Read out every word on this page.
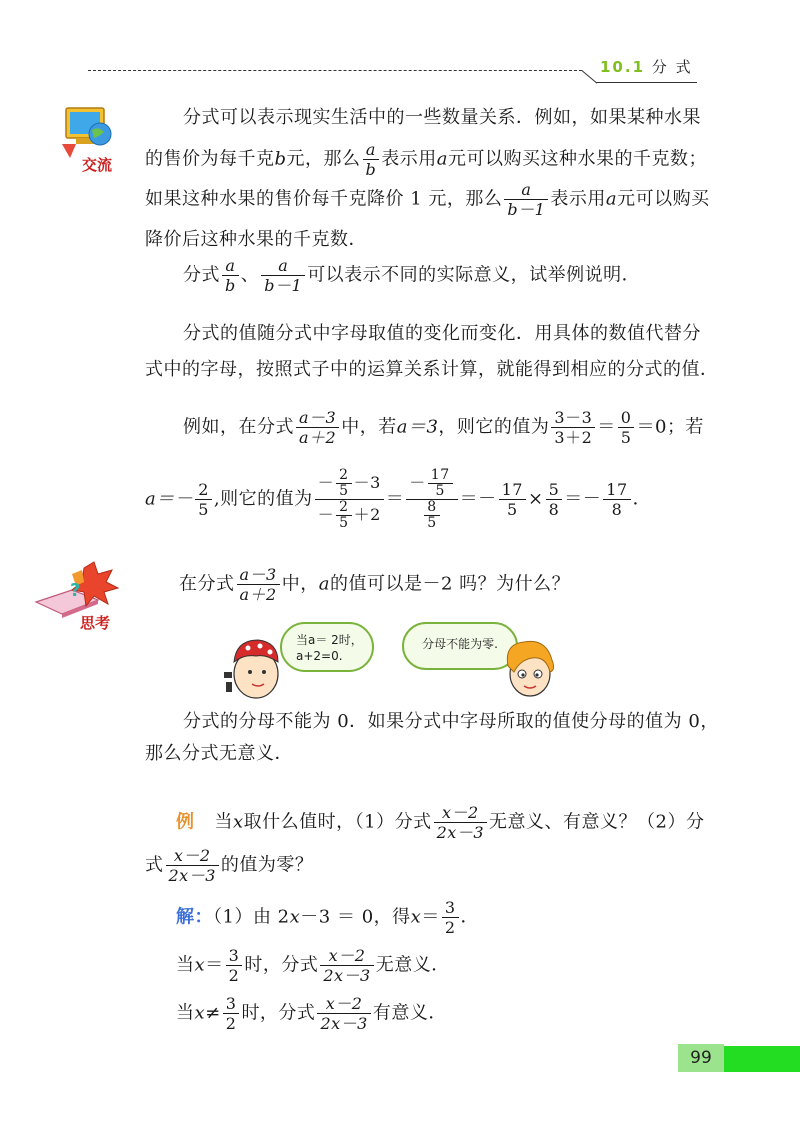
10.1 分 式
交流
分式可以表示现实生活中的一些数量关系．例如，如果某种水果
的售价为每千克b元，那么 $\frac{a}{b}$ 表示用a元可以购买这种水果的千克数；
如果这种水果的售价每千克降价 1 元，那么 $\frac{a}{b-1}$ 表示用a元可以购买
降价后这种水果的千克数．
分式 $\frac{a}{b}$ 、 $\frac{a}{b-1}$ 可以表示不同的实际意义，试举例说明．
分式的值随分式中字母取值的变化而变化．用具体的数值代替分
式中的字母，按照式子中的运算关系计算，就能得到相应的分式的值．
例如，在分式 $\frac{a-3}{a+2}$ 中，若a＝3，则它的值为 $\frac{3-3}{3+2} = \frac{0}{5} =0$；若
$a=- \frac{2}{5}$ ,则它的值为 $\frac{- \frac{2}{5} -3}{- \frac{2}{5} +2} = \frac{- \frac{17}{5}}{\frac{8}{5}} =- \frac{17}{5} \times \frac{5}{8} =- \frac{17}{8}$ ．
?
思考
在分式 $\frac{a-3}{a+2}$ 中，a的值可以是－2 吗？为什么？
当a＝ 2时，
a+2=0.
分母不能为零.
分式的分母不能为 0．如果分式中字母所取的值使分母的值为 0，
那么分式无意义．
例 当x取什么值时，（1）分式 $\frac{x-2}{2x-3}$ 无意义、有意义？（2）分
式 $\frac{x-2}{2x-3}$ 的值为零？
解：（1）由 2x－3 ＝ 0，得$x= \frac{3}{2}$ ．
当$x= \frac{3}{2}$ 时，分式 $\frac{x-2}{2x-3}$ 无意义．
当$x\ne \frac{3}{2}$ 时，分式 $\frac{x-2}{2x-3}$ 有意义．
99
